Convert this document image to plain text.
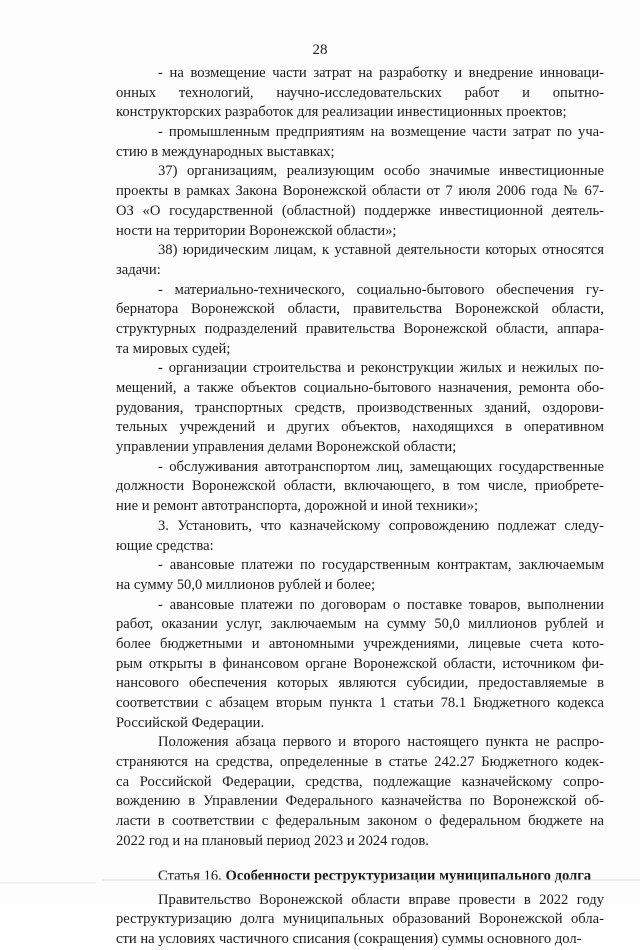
28
- на возмещение части затрат на разработку и внедрение инноваци-
онных технологий, научно-исследовательских работ и опытно-
конструкторских разработок для реализации инвестиционных проектов;
- промышленным предприятиям на возмещение части затрат по уча-
стию в международных выставках;
37) организациям, реализующим особо значимые инвестиционные
проекты в рамках Закона Воронежской области от 7 июля 2006 года № 67-
ОЗ «О государственной (областной) поддержке инвестиционной деятель-
ности на территории Воронежской области»;
38) юридическим лицам, к уставной деятельности которых относятся
задачи:
- материально-технического, социально-бытового обеспечения гу-
бернатора Воронежской области, правительства Воронежской области,
структурных подразделений правительства Воронежской области, аппара-
та мировых судей;
- организации строительства и реконструкции жилых и нежилых по-
мещений, а также объектов социально-бытового назначения, ремонта обо-
рудования, транспортных средств, производственных зданий, оздорови-
тельных учреждений и других объектов, находящихся в оперативном
управлении управления делами Воронежской области;
- обслуживания автотранспортом лиц, замещающих государственные
должности Воронежской области, включающего, в том числе, приобрете-
ние и ремонт автотранспорта, дорожной и иной техники»;
3. Установить, что казначейскому сопровождению подлежат следу-
ющие средства:
- авансовые платежи по государственным контрактам, заключаемым
на сумму 50,0 миллионов рублей и более;
- авансовые платежи по договорам о поставке товаров, выполнении
работ, оказании услуг, заключаемым на сумму 50,0 миллионов рублей и
более бюджетными и автономными учреждениями, лицевые счета кото-
рым открыты в финансовом органе Воронежской области, источником фи-
нансового обеспечения которых являются субсидии, предоставляемые в
соответствии с абзацем вторым пункта 1 статьи 78.1 Бюджетного кодекса
Российской Федерации.
Положения абзаца первого и второго настоящего пункта не распро-
страняются на средства, определенные в статье 242.27 Бюджетного кодек-
са Российской Федерации, средства, подлежащие казначейскому сопро-
вождению в Управлении Федерального казначейства по Воронежской об-
ласти в соответствии с федеральным законом о федеральном бюджете на
2022 год и на плановый период 2023 и 2024 годов.
Статья 16. Особенности реструктуризации муниципального долга
Правительство Воронежской области вправе провести в 2022 году
реструктуризацию долга муниципальных образований Воронежской обла-
сти на условиях частичного списания (сокращения) суммы основного дол-
